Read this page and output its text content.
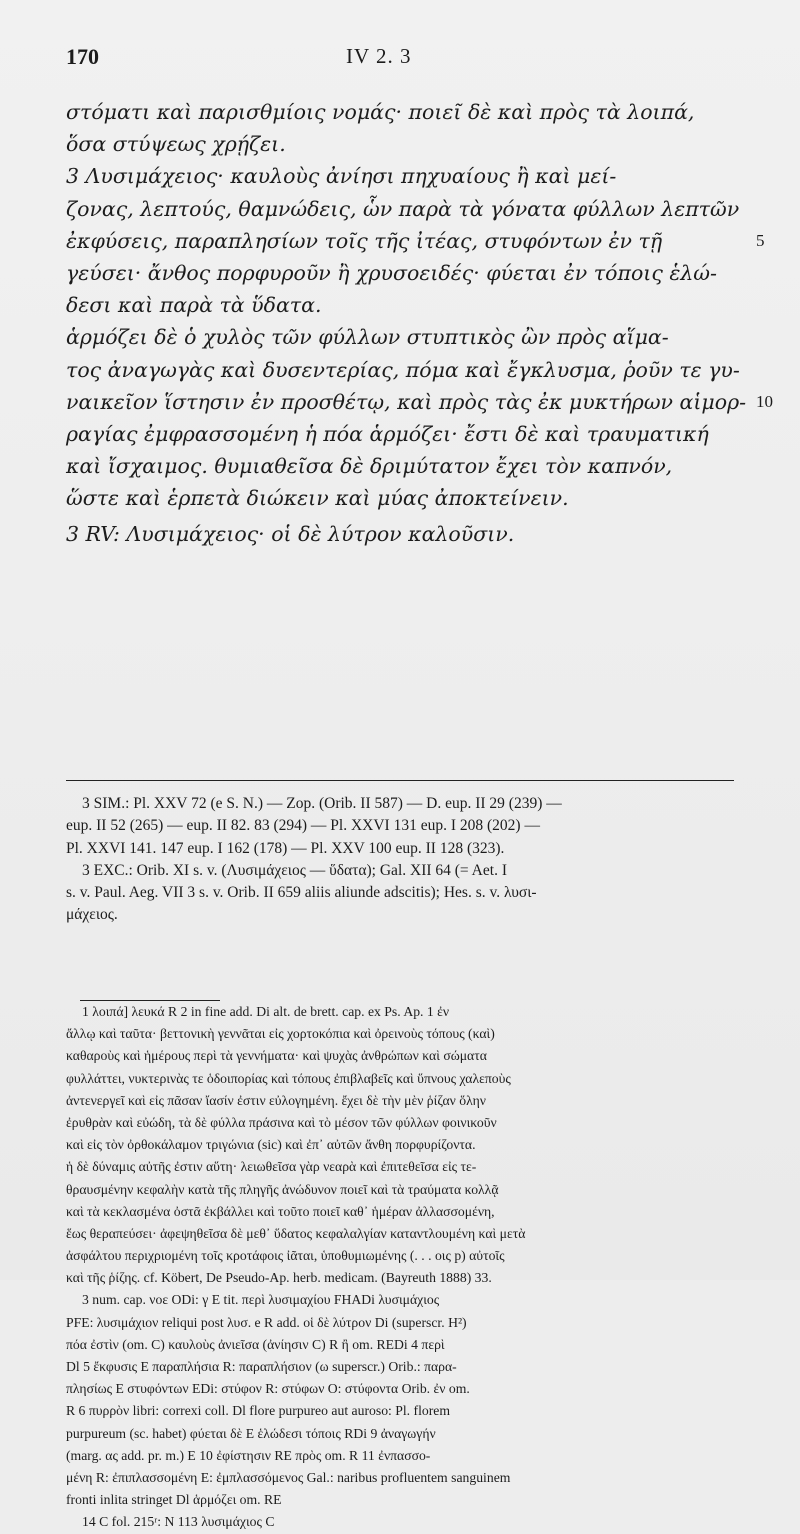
170	IV 2. 3
στόματι καὶ παρισθμίοις νομάς· ποιεῖ δὲ καὶ πρὸς τὰ λοιπά,
ὅσα στύψεως χρῄζει.
3 Λυσιμάχειος· καυλοὺς ἀνίησι πηχυαίους ἢ καὶ μεί-
ζονας, λεπτούς, θαμνώδεις, ὧν παρὰ τὰ γόνατα φύλλων λεπτῶν
ἐκφύσεις, παραπλησίων τοῖς τῆς ἰτέας, στυφόντων ἐν τῇ	5
γεύσει· ἄνθος πορφυροῦν ἢ χρυσοειδές· φύεται ἐν τόποις ἑλώ-
δεσι καὶ παρὰ τὰ ὕδατα.
ἁρμόζει δὲ ὁ χυλὸς τῶν φύλλων στυπτικὸς ὢν πρὸς αἵμα-
τος ἀναγωγὰς καὶ δυσεντερίας, πόμα καὶ ἔγκλυσμα, ῥοῦν τε γυ-
ναικεῖον ἵστησιν ἐν προσθέτῳ, καὶ πρὸς τὰς ἐκ μυκτήρων αἱμορ- 10
ραγίας ἐμφρασσομένη ἡ πόα ἁρμόζει· ἔστι δὲ καὶ τραυματική
καὶ ἴσχαιμος. θυμιαθεῖσα δὲ δριμύτατον ἔχει τὸν καπνόν,
ὥστε καὶ ἑρπετὰ διώκειν καὶ μύας ἀποκτείνειν.
3 RV: Λυσιμάχειος· οἱ δὲ λύτρον καλοῦσιν.
3 SIM.: Pl. XXV 72 (e S. N.) — Zop. (Orib. II 587) — D. eup. II 29 (239) —
eup. II 52 (265) — eup. II 82. 83 (294) — Pl. XXVI 131 eup. I 208 (202) —
Pl. XXVI 141. 147 eup. I 162 (178) — Pl. XXV 100 eup. II 128 (323).
3 EXC.: Orib. XI s. v. (Λυσιμάχειος — ὕδατα); Gal. XII 64 (= Aet. I
s. v. Paul. Aeg. VII 3 s. v. Orib. II 659 aliis aliunde adscitis); Hes. s. v. λυσι-
μάχειος.
1 λοιπά] λευκά R 2 in fine add. Di alt. de brett. cap. ex Ps. Ap. 1 ἐν
ἄλλῳ καὶ ταῦτα· βεττονικὴ γεννᾶται εἰς χορτοκόπια καὶ ὀρεινοὺς τόπους (καὶ)
καθαροὺς καὶ ἡμέρους περὶ τὰ γεννήματα· καὶ ψυχὰς ἀνθρώπων καὶ σώματα
φυλλάττει, νυκτερινὰς τε ὁδοιπορίας καὶ τόπους ἐπιβλαβεῖς καὶ ὕπνους χαλεποὺς
ἀντενεργεῖ καὶ εἰς πᾶσαν ἴασίν ἐστιν εὐλογημένη. ἔχει δὲ τὴν μὲν ῥίζαν ὅλην
ἐρυθρὰν καὶ εὐώδη, τὰ δὲ φύλλα πράσινα καὶ τὸ μέσον τῶν φύλλων φοινικοῦν
καὶ εἰς τὸν ὀρθοκάλαμον τριγώνια (sic) καὶ ἐπ᾽ αὐτῶν ἄνθη πορφυρίζοντα.
ἡ δὲ δύναμις αὐτῆς ἐστιν αὕτη· λειωθεῖσα γὰρ νεαρὰ καὶ ἐπιτεθεῖσα εἰς τε-
θραυσμένην κεφαλὴν κατὰ τῆς πληγῆς ἀνώδυνον ποιεῖ καὶ τὰ τραύματα κολλᾷ
καὶ τὰ κεκλασμένα ὀστᾶ ἐκβάλλει καὶ τοῦτο ποιεῖ καθ᾽ ἡμέραν ἀλλασσομένη,
ἕως θεραπεύσει· ἀφεψηθεῖσα δὲ μεθ᾽ ὕδατος κεφαλαλγίαν καταντλουμένη καὶ μετὰ
ἀσφάλτου περιχριομένη τοῖς κροτάφοις ἰᾶται, ὑποθυμιωμένης (. . . οις p) αὐτοῖς
καὶ τῆς ῥίζης. cf. Köbert, De Pseudo-Ap. herb. medicam. (Bayreuth 1888) 33.
3 num. cap. νοε ODi: γ E tit. περὶ λυσιμαχίου FHADi λυσιμάχιος
PFE: λυσιμάχιον reliqui post λυσ. e R add. οἱ δὲ λύτρον Di (superscr. H²)
πόα ἐστὶν (om. C) καυλοὺς ἀνιεῖσα (ἀνίησιν C) R ἢ om. REDi 4 περὶ
Dl 5 ἔκφυσις E παραπλήσια R: παραπλήσιον (ω superscr.) Orib.: παρα-
πλησίως E στυφόντων EDi: στύφον R: στύφων O: στύφοντα Orib. ἐν om.
R 6 πυρρὸν libri: correxi coll. Dl flore purpureo aut auroso: Pl. florem
purpureum (sc. habet) φύεται δὲ E ἑλώδεσι τόποις RDi 9 ἀναγωγήν
(marg. ας add. pr. m.) E 10 ἐφίστησιν RE πρὸς om. R 11 ἐνπασσο-
μένη R: ἐπιπλασσομένη E: ἐμπλασσόμενος Gal.: naribus profluentem sanguinem
fronti inlita stringet Dl ἁρμόζει om. RE
14 C fol. 215ʳ: N 113 λυσιμάχιος C
